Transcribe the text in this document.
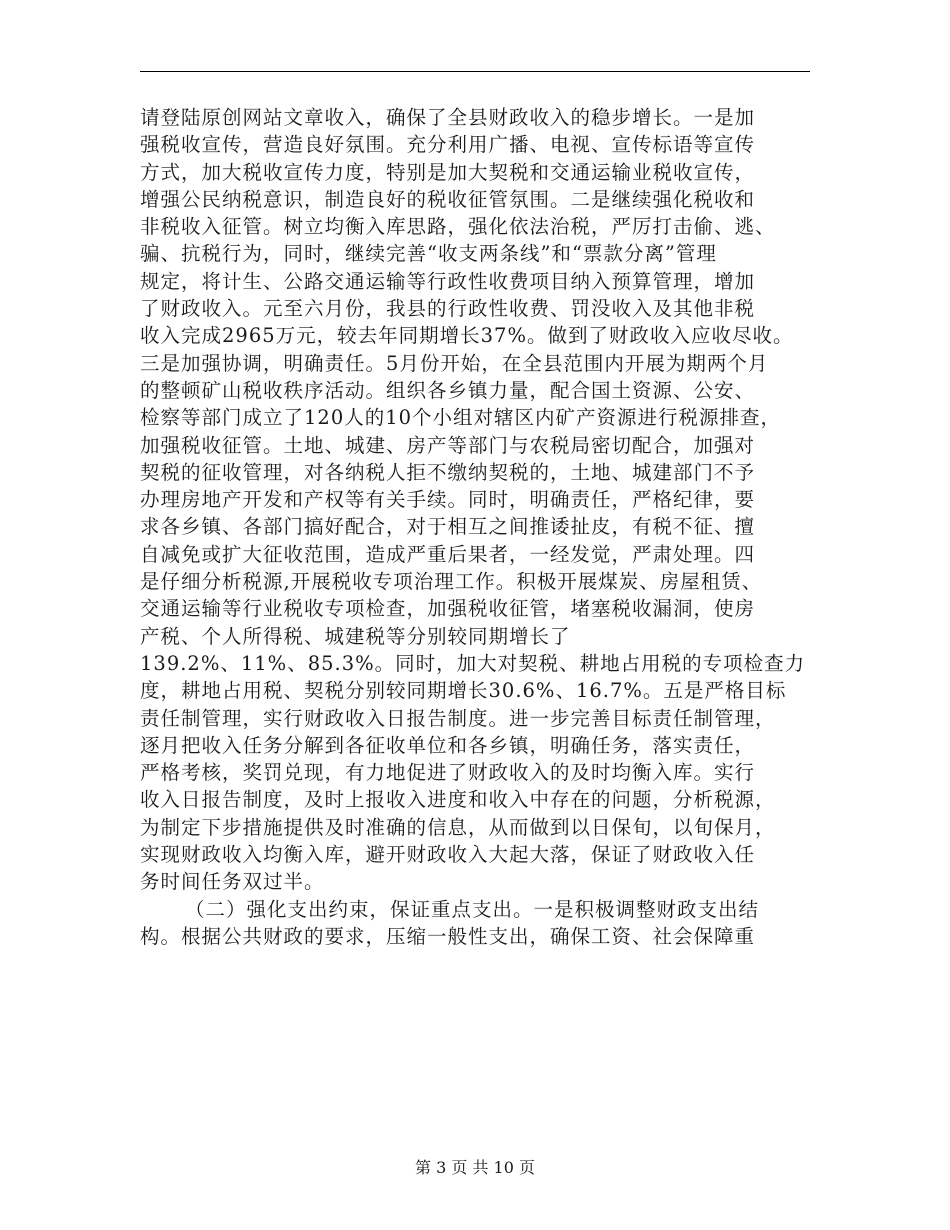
请登陆原创网站文章收入，确保了全县财政收入的稳步增长。一是加
强税收宣传，营造良好氛围。充分利用广播、电视、宣传标语等宣传
方式，加大税收宣传力度，特别是加大契税和交通运输业税收宣传，
增强公民纳税意识，制造良好的税收征管氛围。二是继续强化税收和
非税收入征管。树立均衡入库思路，强化依法治税，严厉打击偷、逃、
骗、抗税行为，同时，继续完善“收支两条线”和“票款分离”管理
规定，将计生、公路交通运输等行政性收费项目纳入预算管理，增加
了财政收入。元至六月份，我县的行政性收费、罚没收入及其他非税
收入完成2965万元，较去年同期增长37%。做到了财政收入应收尽收。
三是加强协调，明确责任。5月份开始，在全县范围内开展为期两个月
的整顿矿山税收秩序活动。组织各乡镇力量，配合国土资源、公安、
检察等部门成立了120人的10个小组对辖区内矿产资源进行税源排查，
加强税收征管。土地、城建、房产等部门与农税局密切配合，加强对
契税的征收管理，对各纳税人拒不缴纳契税的，土地、城建部门不予
办理房地产开发和产权等有关手续。同时，明确责任，严格纪律，要
求各乡镇、各部门搞好配合，对于相互之间推诿扯皮，有税不征、擅
自减免或扩大征收范围，造成严重后果者，一经发觉，严肃处理。四
是仔细分析税源,开展税收专项治理工作。积极开展煤炭、房屋租赁、
交通运输等行业税收专项检查，加强税收征管，堵塞税收漏洞，使房
产税、个人所得税、城建税等分别较同期增长了
139.2%、11%、85.3%。同时，加大对契税、耕地占用税的专项检查力
度，耕地占用税、契税分别较同期增长30.6%、16.7%。五是严格目标
责任制管理，实行财政收入日报告制度。进一步完善目标责任制管理，
逐月把收入任务分解到各征收单位和各乡镇，明确任务，落实责任，
严格考核，奖罚兑现，有力地促进了财政收入的及时均衡入库。实行
收入日报告制度，及时上报收入进度和收入中存在的问题，分析税源，
为制定下步措施提供及时准确的信息，从而做到以日保旬，以旬保月，
实现财政收入均衡入库，避开财政收入大起大落，保证了财政收入任
务时间任务双过半。
（二）强化支出约束，保证重点支出。一是积极调整财政支出结
构。根据公共财政的要求，压缩一般性支出，确保工资、社会保障重
第 3 页 共 10 页
